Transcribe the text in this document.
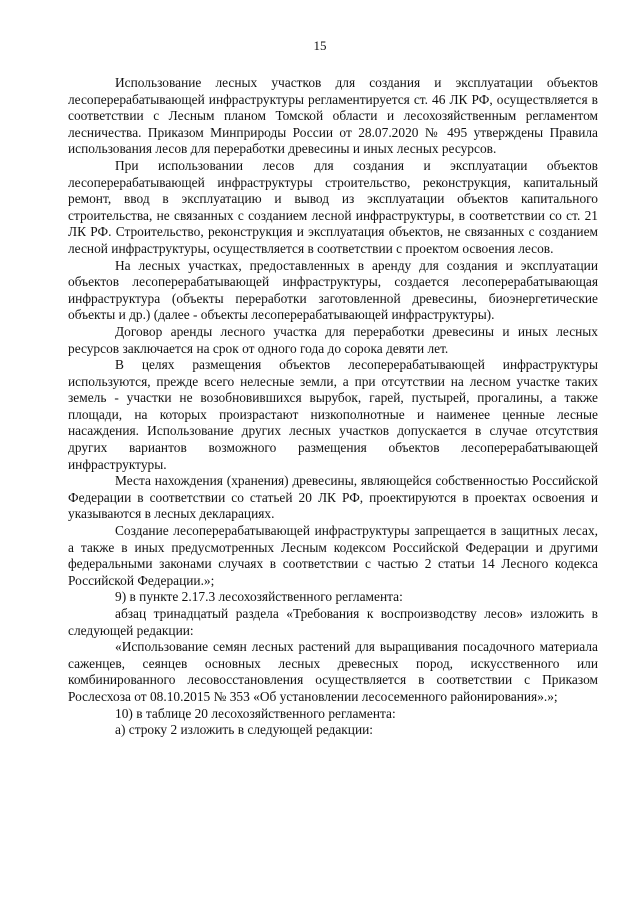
15

Использование лесных участков для создания и эксплуатации объектов лесоперерабатывающей инфраструктуры регламентируется ст. 46 ЛК РФ, осуществляется в соответствии с Лесным планом Томской области и лесохозяйственным регламентом лесничества. Приказом Минприроды России от 28.07.2020 № 495 утверждены Правила использования лесов для переработки древесины и иных лесных ресурсов.

При использовании лесов для создания и эксплуатации объектов лесоперерабатывающей инфраструктуры строительство, реконструкция, капитальный ремонт, ввод в эксплуатацию и вывод из эксплуатации объектов капитального строительства, не связанных с созданием лесной инфраструктуры, в соответствии со ст. 21 ЛК РФ. Строительство, реконструкция и эксплуатация объектов, не связанных с созданием лесной инфраструктуры, осуществляется в соответствии с проектом освоения лесов.

На лесных участках, предоставленных в аренду для создания и эксплуатации объектов лесоперерабатывающей инфраструктуры, создается лесоперерабатывающая инфраструктура (объекты переработки заготовленной древесины, биоэнергетические объекты и др.) (далее - объекты лесоперерабатывающей инфраструктуры).

Договор аренды лесного участка для переработки древесины и иных лесных ресурсов заключается на срок от одного года до сорока девяти лет.

В целях размещения объектов лесоперерабатывающей инфраструктуры используются, прежде всего нелесные земли, а при отсутствии на лесном участке таких земель - участки не возобновившихся вырубок, гарей, пустырей, прогалины, а также площади, на которых произрастают низкополнотные и наименее ценные лесные насаждения. Использование других лесных участков допускается в случае отсутствия других вариантов возможного размещения объектов лесоперерабатывающей инфраструктуры.

Места нахождения (хранения) древесины, являющейся собственностью Российской Федерации в соответствии со статьей 20 ЛК РФ, проектируются в проектах освоения и указываются в лесных декларациях.

Создание лесоперерабатывающей инфраструктуры запрещается в защитных лесах, а также в иных предусмотренных Лесным кодексом Российской Федерации и другими федеральными законами случаях в соответствии с частью 2 статьи 14 Лесного кодекса Российской Федерации.»;

9) в пункте 2.17.3 лесохозяйственного регламента:

абзац тринадцатый раздела «Требования к воспроизводству лесов» изложить в следующей редакции:

«Использование семян лесных растений для выращивания посадочного материала саженцев, сеянцев основных лесных древесных пород, искусственного или комбинированного лесовосстановления осуществляется в соответствии с Приказом Рослесхоза от 08.10.2015 № 353 «Об установлении лесосеменного районирования».»;

10) в таблице 20 лесохозяйственного регламента:

а) строку 2 изложить в следующей редакции:
